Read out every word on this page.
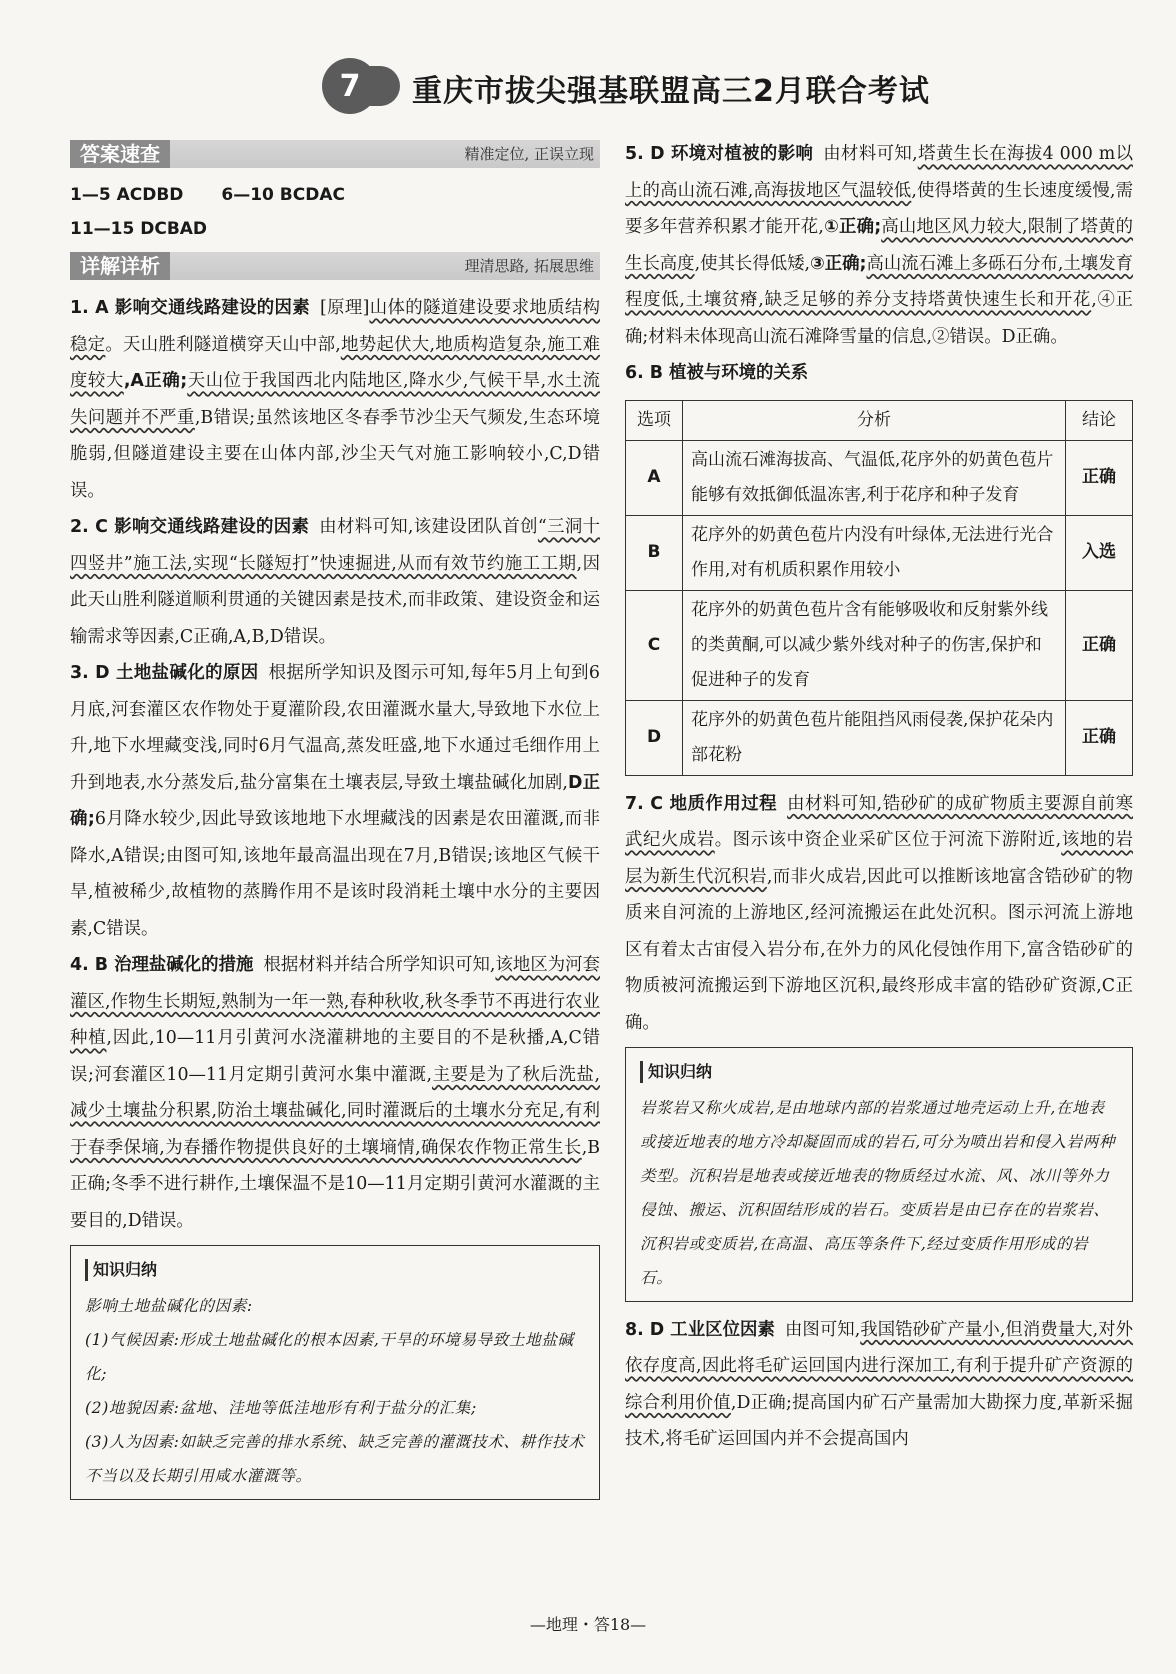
7	重庆市拔尖强基联盟高三2月联合考试
答案速查	精准定位, 正误立现
1—5 ACDBD 6—10 BCDAC
11—15 DCBAD
详解详析	理清思路, 拓展思维

1. A 影响交通线路建设的因素 [原理]山体的隧道建设要求地质结构稳定。天山胜利隧道横穿天山中部,地势起伏大,地质构造复杂,施工难度较大,A正确;天山位于我国西北内陆地区,降水少,气候干旱,水土流失问题并不严重,B错误;虽然该地区冬春季节沙尘天气频发,生态环境脆弱,但隧道建设主要在山体内部,沙尘天气对施工影响较小,C,D错误。

2. C 影响交通线路建设的因素 由材料可知,该建设团队首创“三洞十四竖井”施工法,实现“长隧短打”快速掘进,从而有效节约施工工期,因此天山胜利隧道顺利贯通的关键因素是技术,而非政策、建设资金和运输需求等因素,C正确,A,B,D错误。

3. D 土地盐碱化的原因 根据所学知识及图示可知,每年5月上旬到6月底,河套灌区农作物处于夏灌阶段,农田灌溉水量大,导致地下水位上升,地下水埋藏变浅,同时6月气温高,蒸发旺盛,地下水通过毛细作用上升到地表,水分蒸发后,盐分富集在土壤表层,导致土壤盐碱化加剧,D正确;6月降水较少,因此导致该地地下水埋藏浅的因素是农田灌溉,而非降水,A错误;由图可知,该地年最高温出现在7月,B错误;该地区气候干旱,植被稀少,故植物的蒸腾作用不是该时段消耗土壤中水分的主要因素,C错误。

4. B 治理盐碱化的措施 根据材料并结合所学知识可知,该地区为河套灌区,作物生长期短,熟制为一年一熟,春种秋收,秋冬季节不再进行农业种植,因此,10—11月引黄河水浇灌耕地的主要目的不是秋播,A,C错误;河套灌区10—11月定期引黄河水集中灌溉,主要是为了秋后洗盐,减少土壤盐分积累,防治土壤盐碱化,同时灌溉后的土壤水分充足,有利于春季保墒,为春播作物提供良好的土壤墒情,确保农作物正常生长,B正确;冬季不进行耕作,土壤保温不是10—11月定期引黄河水灌溉的主要目的,D错误。

知识归纳

影响土地盐碱化的因素:

(1)气候因素:形成土地盐碱化的根本因素,干旱的环境易导致土地盐碱化;

(2)地貌因素:盆地、洼地等低洼地形有利于盐分的汇集;

(3)人为因素:如缺乏完善的排水系统、缺乏完善的灌溉技术、耕作技术不当以及长期引用咸水灌溉等。

5. D 环境对植被的影响 由材料可知,塔黄生长在海拔4 000 m以上的高山流石滩,高海拔地区气温较低,使得塔黄的生长速度缓慢,需要多年营养积累才能开花,①正确;高山地区风力较大,限制了塔黄的生长高度,使其长得低矮,③正确;高山流石滩上多砾石分布,土壤发育程度低,土壤贫瘠,缺乏足够的养分支持塔黄快速生长和开花,④正确;材料未体现高山流石滩降雪量的信息,②错误。D正确。

6. B 植被与环境的关系

选项	分析	结论
A	高山流石滩海拔高、气温低,花序外的奶黄色苞片能够有效抵御低温冻害,利于花序和种子发育	正确
B	花序外的奶黄色苞片内没有叶绿体,无法进行光合作用,对有机质积累作用较小	入选
C	花序外的奶黄色苞片含有能够吸收和反射紫外线的类黄酮,可以减少紫外线对种子的伤害,保护和促进种子的发育	正确
D	花序外的奶黄色苞片能阻挡风雨侵袭,保护花朵内部花粉	正确

7. C 地质作用过程 由材料可知,锆砂矿的成矿物质主要源自前寒武纪火成岩。图示该中资企业采矿区位于河流下游附近,该地的岩层为新生代沉积岩,而非火成岩,因此可以推断该地富含锆砂矿的物质来自河流的上游地区,经河流搬运在此处沉积。图示河流上游地区有着太古宙侵入岩分布,在外力的风化侵蚀作用下,富含锆砂矿的物质被河流搬运到下游地区沉积,最终形成丰富的锆砂矿资源,C正确。

知识归纳

岩浆岩又称火成岩,是由地球内部的岩浆通过地壳运动上升,在地表或接近地表的地方冷却凝固而成的岩石,可分为喷出岩和侵入岩两种类型。沉积岩是地表或接近地表的物质经过水流、风、冰川等外力侵蚀、搬运、沉积固结形成的岩石。变质岩是由已存在的岩浆岩、沉积岩或变质岩,在高温、高压等条件下,经过变质作用形成的岩石。

8. D 工业区位因素 由图可知,我国锆砂矿产量小,但消费量大,对外依存度高,因此将毛矿运回国内进行深加工,有利于提升矿产资源的综合利用价值,D正确;提高国内矿石产量需加大勘探力度,革新采掘技术,将毛矿运回国内并不会提高国内

—地理・答18—
